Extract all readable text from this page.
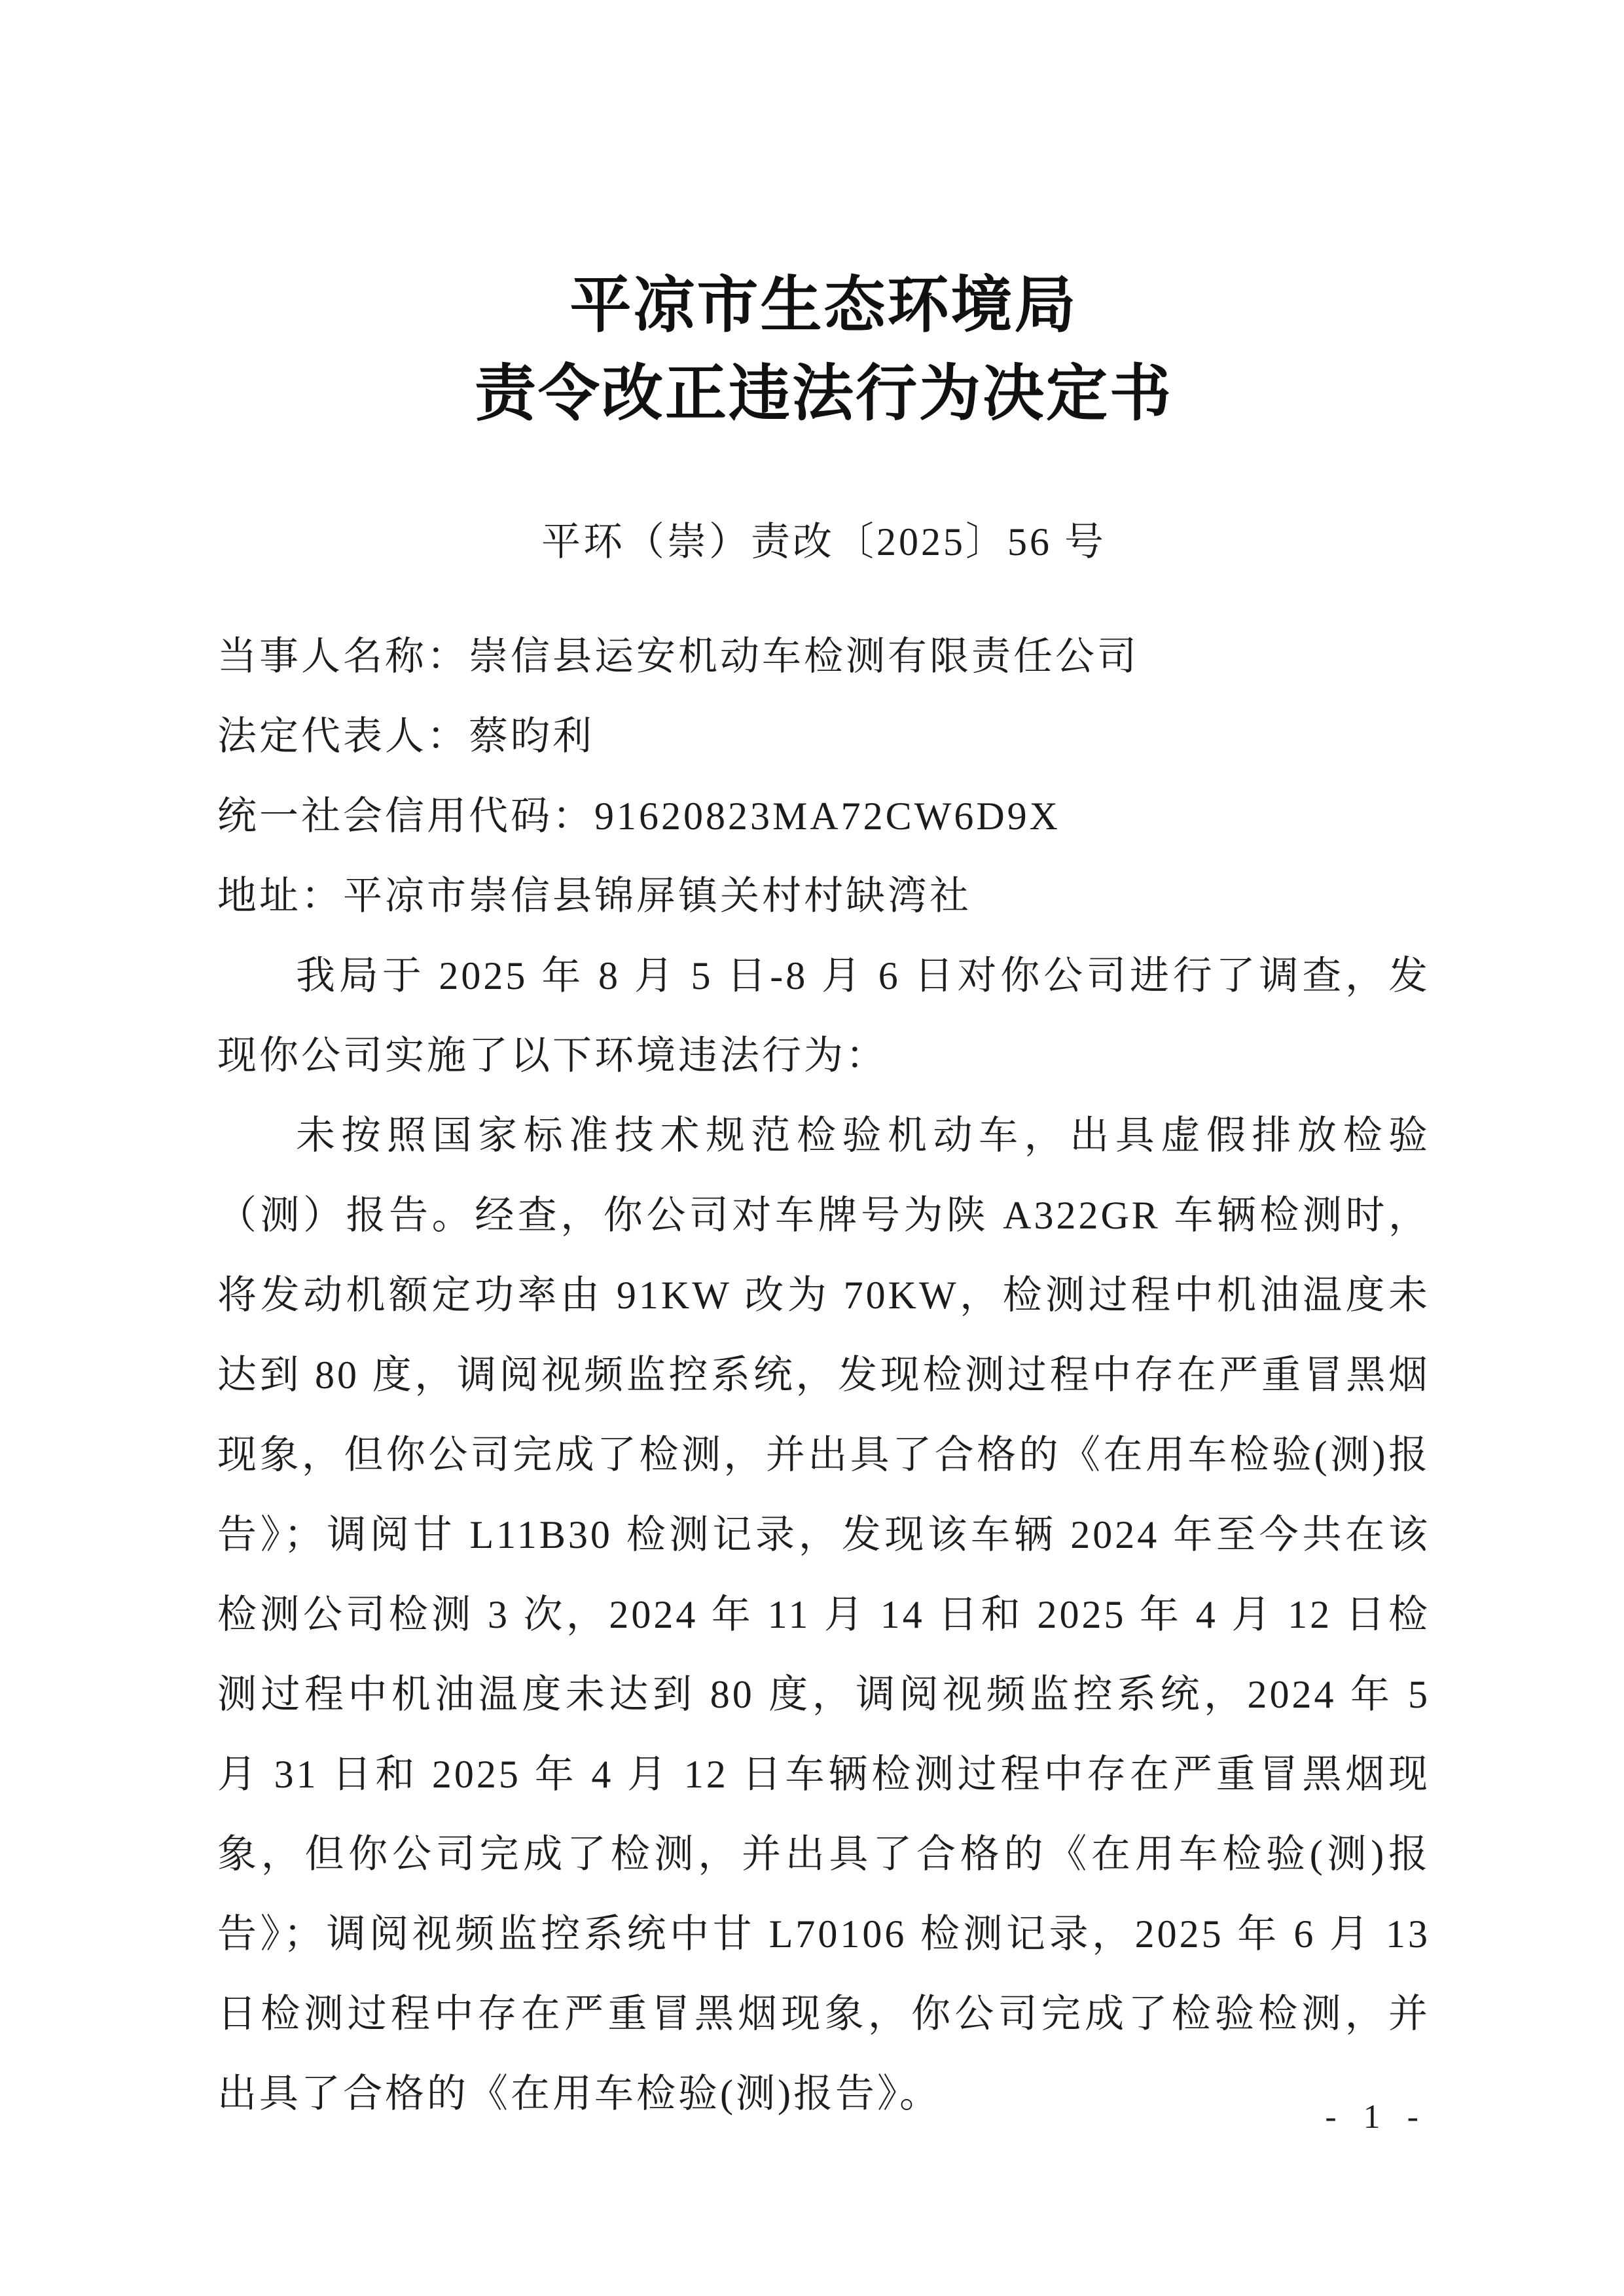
平凉市生态环境局
责令改正违法行为决定书
平环（崇）责改〔2025〕56 号

当事人名称：崇信县运安机动车检测有限责任公司

法定代表人：蔡昀利

统一社会信用代码：91620823MA72CW6D9X

地址：平凉市崇信县锦屏镇关村村缺湾社

我局于 2025 年 8 月 5 日-8 月 6 日对你公司进行了调查，发现你公司实施了以下环境违法行为：

未按照国家标准技术规范检验机动车，出具虚假排放检验（测）报告。经查，你公司对车牌号为陕 A322GR 车辆检测时，将发动机额定功率由 91KW 改为 70KW，检测过程中机油温度未达到 80 度，调阅视频监控系统，发现检测过程中存在严重冒黑烟现象，但你公司完成了检测，并出具了合格的《在用车检验(测)报告》；调阅甘 L11B30 检测记录，发现该车辆 2024 年至今共在该检测公司检测 3 次，2024 年 11 月 14 日和 2025 年 4 月 12 日检测过程中机油温度未达到 80 度，调阅视频监控系统，2024 年 5 月 31 日和 2025 年 4 月 12 日车辆检测过程中存在严重冒黑烟现象，但你公司完成了检测，并出具了合格的《在用车检验(测)报告》；调阅视频监控系统中甘 L70106 检测记录，2025 年 6 月 13 日检测过程中存在严重冒黑烟现象，你公司完成了检验检测，并出具了合格的《在用车检验(测)报告》。

- 1 -
